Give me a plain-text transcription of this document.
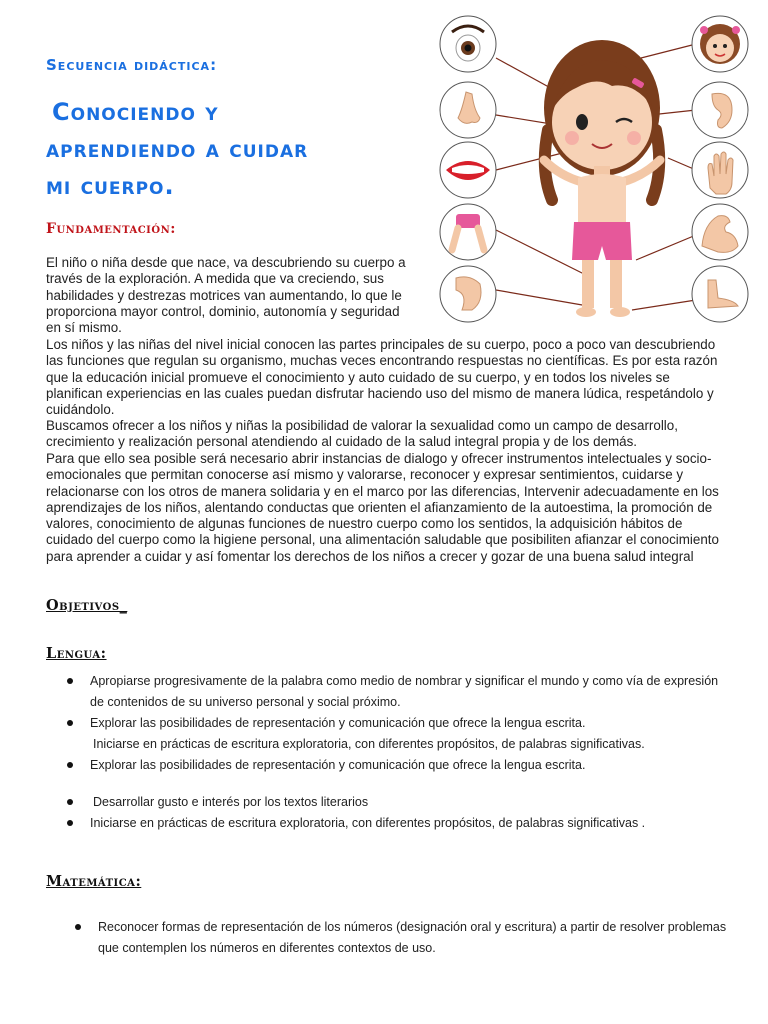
Secuencia didáctica:
Conociendo y
aprendiendo a cuidar
mi cuerpo.
Fundamentación:
El niño o niña desde que nace, va descubriendo su cuerpo a través de la exploración. A medida que va creciendo, sus habilidades y destrezas motrices van aumentando, lo que le proporciona mayor control, dominio, autonomía y seguridad en sí mismo.
Los niños y las niñas del nivel inicial conocen las partes principales de su cuerpo, poco a poco van descubriendo las funciones que regulan su organismo, muchas veces encontrando respuestas no científicas. Es por esta razón que la educación inicial promueve el conocimiento y auto cuidado de su cuerpo, y en todos los niveles se planifican experiencias en las cuales puedan disfrutar haciendo uso del mismo de manera lúdica, respetándolo y cuidándolo.
Buscamos ofrecer a los niños y niñas la posibilidad de valorar la sexualidad como un campo de desarrollo, crecimiento y realización personal atendiendo al cuidado de la salud integral propia y de los demás.
Para que ello sea posible será necesario abrir instancias de dialogo y ofrecer instrumentos intelectuales y socio- emocionales que permitan conocerse así mismo y valorarse, reconocer y expresar sentimientos, cuidarse y relacionarse con los otros de manera solidaria y en el marco por las diferencias, Intervenir adecuadamente en los aprendizajes de los niños, alentando conductas que orienten el afianzamiento de la autoestima, la promoción de valores, conocimiento de algunas funciones de nuestro cuerpo como los sentidos, la adquisición hábitos de cuidado del cuerpo como la higiene personal, una alimentación saludable que posibiliten afianzar el conocimiento para aprender a cuidar y así fomentar los derechos de los niños a crecer y gozar de una buena salud integral
Objetivos_
Lengua:
Apropiarse progresivamente de la palabra como medio de nombrar y significar el mundo y como vía de expresión de contenidos de su universo personal y social próximo.
Explorar las posibilidades de representación y comunicación que ofrece la lengua escrita.
Iniciarse en prácticas de escritura exploratoria, con diferentes propósitos, de palabras significativas.
Explorar las posibilidades de representación y comunicación que ofrece la lengua escrita.
Desarrollar gusto e interés por los textos literarios
Iniciarse en prácticas de escritura exploratoria, con diferentes propósitos, de palabras significativas .
Matemática:
Reconocer formas de representación de los números (designación oral y escritura) a partir de resolver problemas que contemplen los números en diferentes contextos de uso.
